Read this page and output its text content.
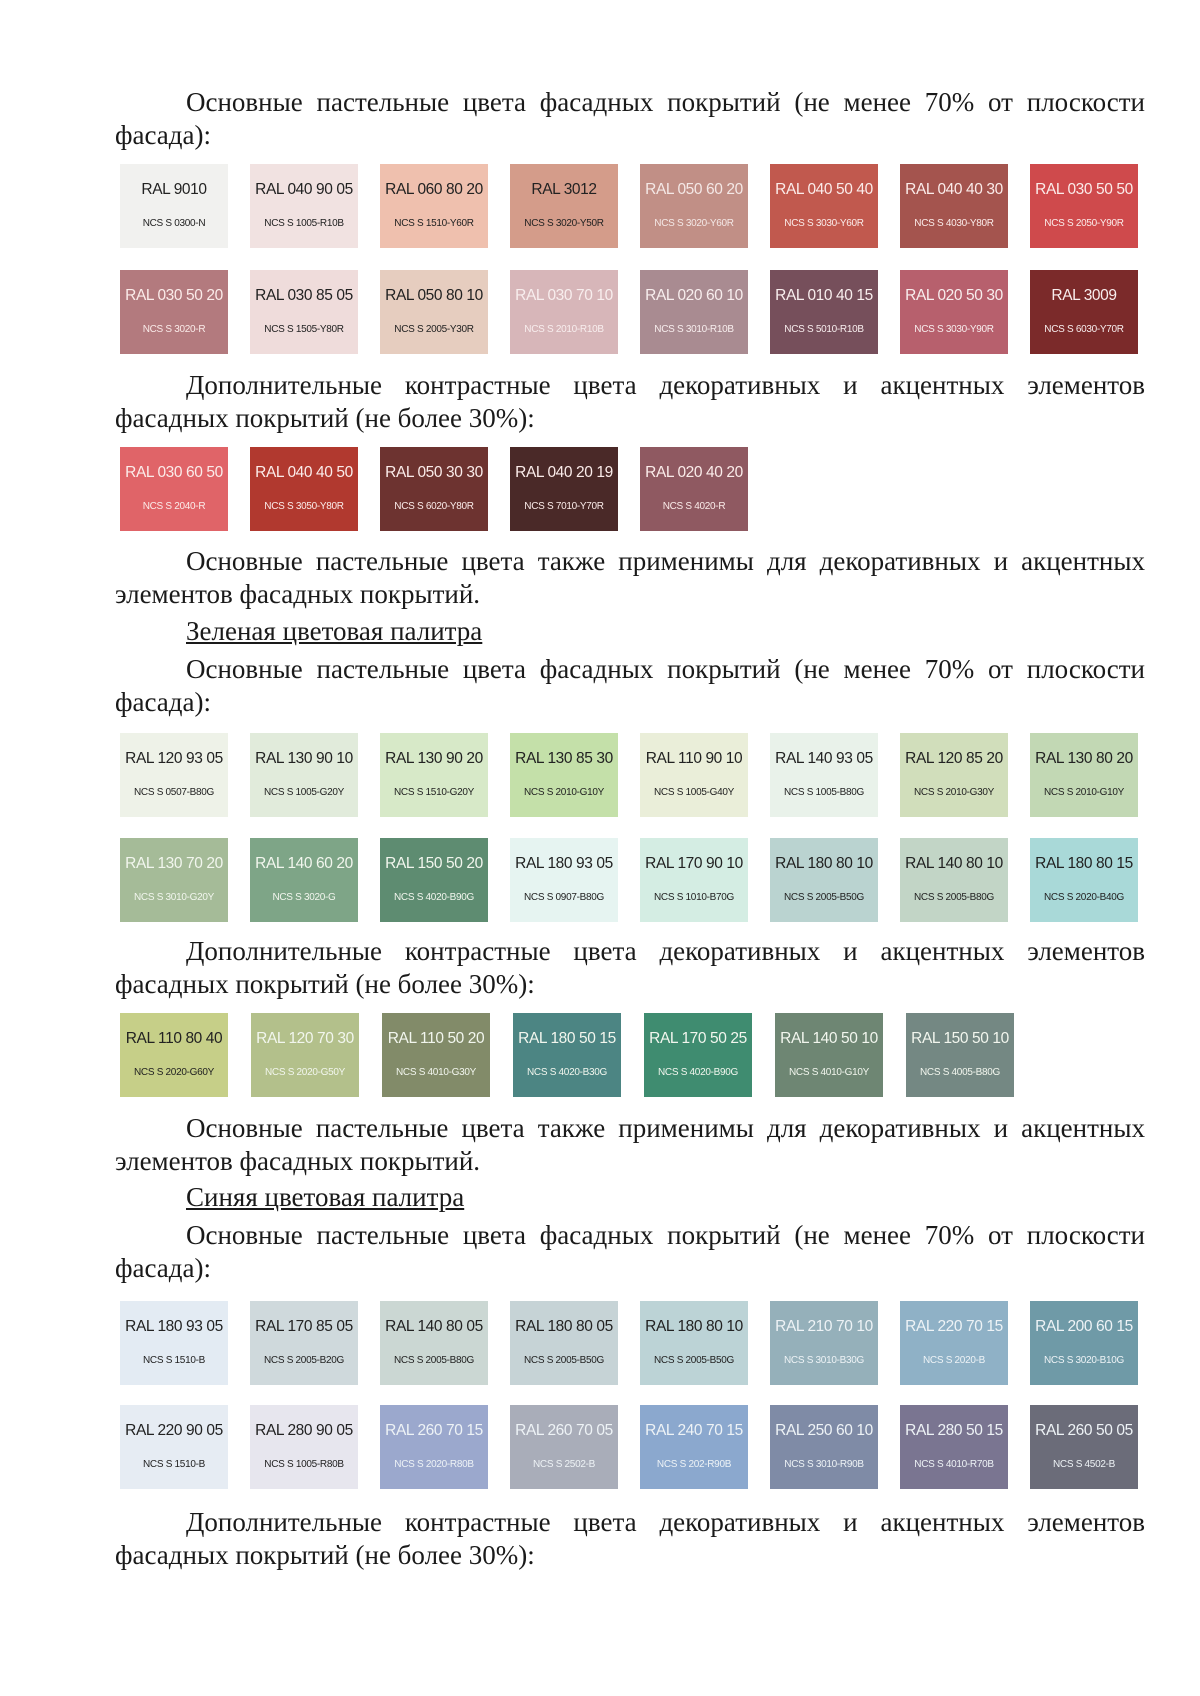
Основные пастельные цвета фасадных покрытий (не менее 70% от плоскости
фасада):
RAL 9010
NCS S 0300-N
RAL 040 90 05
NCS S 1005-R10B
RAL 060 80 20
NCS S 1510-Y60R
RAL 3012
NCS S 3020-Y50R
RAL 050 60 20
NCS S 3020-Y60R
RAL 040 50 40
NCS S 3030-Y60R
RAL 040 40 30
NCS S 4030-Y80R
RAL 030 50 50
NCS S 2050-Y90R
RAL 030 50 20
NCS S 3020-R
RAL 030 85 05
NCS S 1505-Y80R
RAL 050 80 10
NCS S 2005-Y30R
RAL 030 70 10
NCS S 2010-R10B
RAL 020 60 10
NCS S 3010-R10B
RAL 010 40 15
NCS S 5010-R10B
RAL 020 50 30
NCS S 3030-Y90R
RAL 3009
NCS S 6030-Y70R
Дополнительные контрастные цвета декоративных и акцентных элементов
фасадных покрытий (не более 30%):
RAL 030 60 50
NCS S 2040-R
RAL 040 40 50
NCS S 3050-Y80R
RAL 050 30 30
NCS S 6020-Y80R
RAL 040 20 19
NCS S 7010-Y70R
RAL 020 40 20
NCS S 4020-R
Основные пастельные цвета также применимы для декоративных и акцентных
элементов фасадных покрытий.
Зеленая цветовая палитра
Основные пастельные цвета фасадных покрытий (не менее 70% от плоскости
фасада):
RAL 120 93 05
NCS S 0507-B80G
RAL 130 90 10
NCS S 1005-G20Y
RAL 130 90 20
NCS S 1510-G20Y
RAL 130 85 30
NCS S 2010-G10Y
RAL 110 90 10
NCS S 1005-G40Y
RAL 140 93 05
NCS S 1005-B80G
RAL 120 85 20
NCS S 2010-G30Y
RAL 130 80 20
NCS S 2010-G10Y
RAL 130 70 20
NCS S 3010-G20Y
RAL 140 60 20
NCS S 3020-G
RAL 150 50 20
NCS S 4020-B90G
RAL 180 93 05
NCS S 0907-B80G
RAL 170 90 10
NCS S 1010-B70G
RAL 180 80 10
NCS S 2005-B50G
RAL 140 80 10
NCS S 2005-B80G
RAL 180 80 15
NCS S 2020-B40G
Дополнительные контрастные цвета декоративных и акцентных элементов
фасадных покрытий (не более 30%):
RAL 110 80 40
NCS S 2020-G60Y
RAL 120 70 30
NCS S 2020-G50Y
RAL 110 50 20
NCS S 4010-G30Y
RAL 180 50 15
NCS S 4020-B30G
RAL 170 50 25
NCS S 4020-B90G
RAL 140 50 10
NCS S 4010-G10Y
RAL 150 50 10
NCS S 4005-B80G
Основные пастельные цвета также применимы для декоративных и акцентных
элементов фасадных покрытий.
Синяя цветовая палитра
Основные пастельные цвета фасадных покрытий (не менее 70% от плоскости
фасада):
RAL 180 93 05
NCS S 1510-B
RAL 170 85 05
NCS S 2005-B20G
RAL 140 80 05
NCS S 2005-B80G
RAL 180 80 05
NCS S 2005-B50G
RAL 180 80 10
NCS S 2005-B50G
RAL 210 70 10
NCS S 3010-B30G
RAL 220 70 15
NCS S 2020-B
RAL 200 60 15
NCS S 3020-B10G
RAL 220 90 05
NCS S 1510-B
RAL 280 90 05
NCS S 1005-R80B
RAL 260 70 15
NCS S 2020-R80B
RAL 260 70 05
NCS S 2502-B
RAL 240 70 15
NCS S 202-R90B
RAL 250 60 10
NCS S 3010-R90B
RAL 280 50 15
NCS S 4010-R70B
RAL 260 50 05
NCS S 4502-B
Дополнительные контрастные цвета декоративных и акцентных элементов
фасадных покрытий (не более 30%):
